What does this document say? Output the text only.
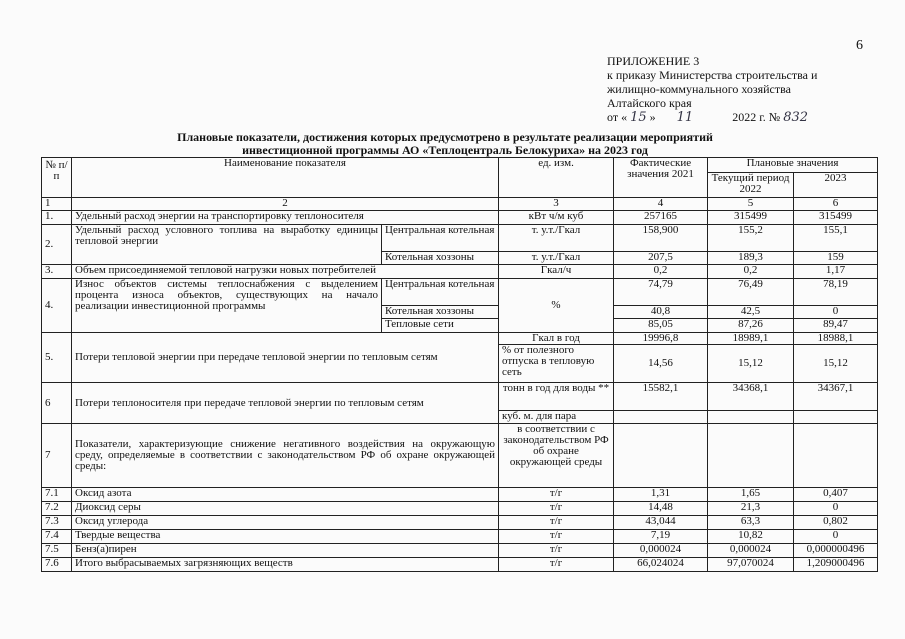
6
ПРИЛОЖЕНИЕ 3
к приказу Министерства строительства и
жилищно-коммунального хозяйства
Алтайского края
от « 15 » 11	2022 г. № 832
Плановые показатели, достижения которых предусмотрено в результате реализации мероприятий
инвестиционной программы АО «Теплоцентраль Белокуриха» на 2023 год
№ п/п	Наименование показателя		ед. изм.	Фактические значения 2021	Плановые значения	
					Текущий период 2022	2023
1	2		3	4	5	6
1.	Удельный расход энергии на транспортировку теплоносителя		кВт ч/м куб	257165	315499	315499
2.	Удельный расход условного топлива на выработку единицы тепловой энергии	Центральная котельная	т. у.т./Гкал	158,900	155,2	155,1
		Котельная хоззоны	т. у.т./Гкал	207,5	189,3	159
3.	Объем присоединяемой тепловой нагрузки новых потребителей		Гкал/ч	0,2	0,2	1,17
4.	Износ объектов системы теплоснабжения с выделением процента износа объектов, существующих на начало реализации инвестиционной программы	Центральная котельная	%	74,79	76,49	78,19
		Котельная хоззоны		40,8	42,5	0
		Тепловые сети		85,05	87,26	89,47
5.	Потери тепловой энергии при передаче тепловой энергии по тепловым сетям		Гкал в год	19996,8	18989,1	18988,1
			% от полезного отпуска в тепловую сеть	14,56	15,12	15,12
6	Потери теплоносителя при передаче тепловой энергии по тепловым сетям		тонн в год для воды **	15582,1	34368,1	34367,1
			куб. м. для пара			
7	Показатели, характеризующие снижение негативного воздействия на окружающую среду, определяемые в соответствии с законодательством РФ об охране окружающей среды:		в соответствии с законодательством РФ об охране окружающей среды			
7.1	Оксид азота		т/г	1,31	1,65	0,407
7.2	Диоксид серы		т/г	14,48	21,3	0
7.3	Оксид углерода		т/г	43,044	63,3	0,802
7.4	Твердые вещества		т/г	7,19	10,82	0
7.5	Бенз(а)пирен		т/г	0,000024	0,000024	0,000000496
7.6	Итого выбрасываемых загрязняющих веществ		т/г	66,024024	97,070024	1,209000496
